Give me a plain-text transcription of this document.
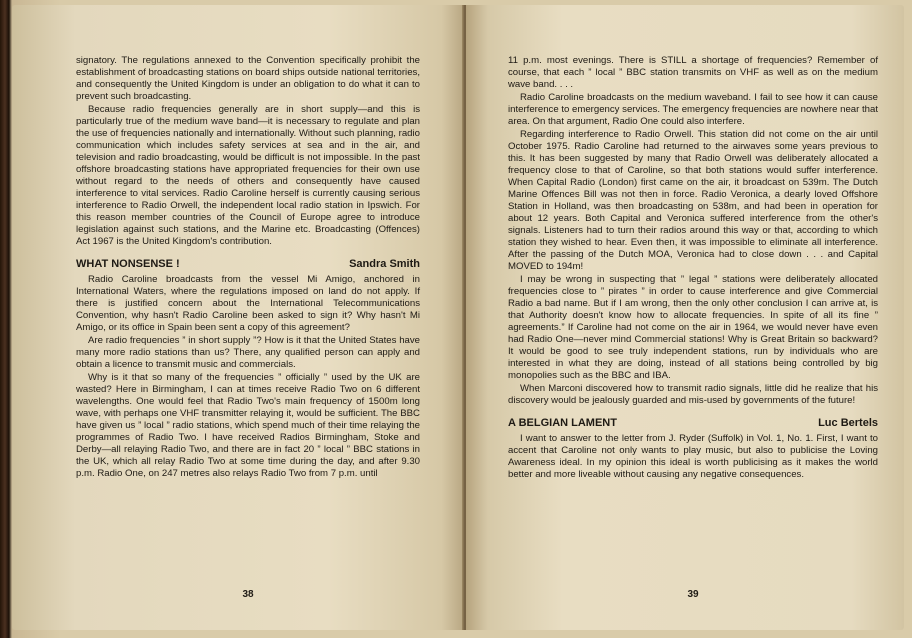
signatory. The regulations annexed to the Convention specifically prohibit the establishment of broadcasting stations on board ships outside national territories, and consequently the United Kingdom is under an obligation to do what it can to prevent such broadcasting.

Because radio frequencies generally are in short supply—and this is particularly true of the medium wave band—it is necessary to regulate and plan the use of frequencies nationally and internationally. Without such planning, radio communication which includes safety services at sea and in the air, and television and radio broadcasting, would be difficult is not impossible. In the past offshore broadcasting stations have appropriated frequencies for their own use without regard to the needs of others and consequently have caused interference to vital services. Radio Caroline herself is currently causing serious interference to Radio Orwell, the independent local radio station in Ipswich. For this reason member countries of the Council of Europe agree to introduce legislation against such stations, and the Marine etc. Broadcasting (Offences) Act 1967 is the United Kingdom's contribution.

WHAT NONSENSE !	Sandra Smith

Radio Caroline broadcasts from the vessel Mi Amigo, anchored in International Waters, where the regulations imposed on land do not apply. If there is justified concern about the International Telecommunications Convention, why hasn't Radio Caroline been asked to sign it? Why hasn't Mi Amigo, or its office in Spain been sent a copy of this agreement?

Are radio frequencies ” in short supply ”? How is it that the United States have many more radio stations than us? There, any qualified person can apply and obtain a licence to transmit music and commercials.

Why is it that so many of the frequencies ” officially ” used by the UK are wasted? Here in Birmingham, I can at times receive Radio Two on 6 different wavelengths. One would feel that Radio Two's main frequency of 1500m long wave, with perhaps one VHF transmitter relaying it, would be sufficient. The BBC have given us ” local ” radio stations, which spend much of their time relaying the programmes of Radio Two. I have received Radios Birmingham, Stoke and Derby—all relaying Radio Two, and there are in fact 20 ” local ” BBC stations in the UK, which all relay Radio Two at some time during the day, and after 9.30 p.m. Radio One, on 247 metres also relays Radio Two from 7 p.m. until

38

11 p.m. most evenings. There is STILL a shortage of frequencies? Remember of course, that each ” local ” BBC station transmits on VHF as well as on the medium wave band. . . .

Radio Caroline broadcasts on the medium waveband. I fail to see how it can cause interference to emergency services. The emergency frequencies are nowhere near that area. On that argument, Radio One could also interfere.

Regarding interference to Radio Orwell. This station did not come on the air until October 1975. Radio Caroline had returned to the airwaves some years previous to this. It has been suggested by many that Radio Orwell was deliberately allocated a frequency close to that of Caroline, so that both stations would suffer interference. When Capital Radio (London) first came on the air, it broadcast on 539m. The Dutch Marine Offences Bill was not then in force. Radio Veronica, a dearly loved Offshore Station in Holland, was then broadcasting on 538m, and had been in operation for about 12 years. Both Capital and Veronica suffered interference from the other's signals. Listeners had to turn their radios around this way or that, according to which station they wished to hear. Even then, it was impossible to eliminate all interference. After the passing of the Dutch MOA, Veronica had to close down . . . and Capital MOVED to 194m!

I may be wrong in suspecting that ” legal ” stations were deliberately allocated frequencies close to ” pirates ” in order to cause interference and give Commercial Radio a bad name. But if I am wrong, then the only other conclusion I can arrive at, is that Authority doesn't know how to allocate frequencies. In spite of all its fine ” agreements.” If Caroline had not come on the air in 1964, we would never have even had Radio One—never mind Commercial stations! Why is Great Britain so backward? It would be good to see truly independent stations, run by individuals who are interested in what they are doing, instead of all stations being controlled by big monopolies such as the BBC and IBA.

When Marconi discovered how to transmit radio signals, little did he realize that his discovery would be jealously guarded and mis-used by governments of the future!

A BELGIAN LAMENT	Luc Bertels

I want to answer to the letter from J. Ryder (Suffolk) in Vol. 1, No. 1. First, I want to accent that Caroline not only wants to play music, but also to publicise the Loving Awareness ideal. In my opinion this ideal is worth publicising as it makes the world better and more liveable without causing any negative consequences.

39
